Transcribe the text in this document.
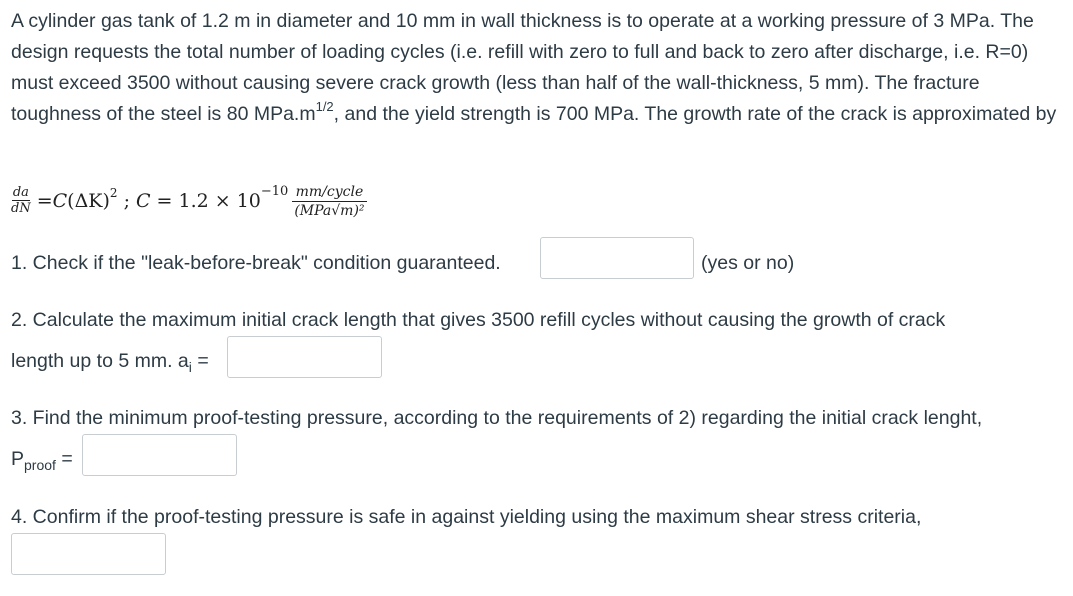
A cylinder gas tank of 1.2 m in diameter and 10 mm in wall thickness is to operate at a working pressure of 3 MPa. The design requests the total number of loading cycles (i.e. refill with zero to full and back to zero after discharge, i.e. R=0) must exceed 3500 without causing severe crack growth (less than half of the wall-thickness, 5 mm). The fracture toughness of the steel is 80 $MPa.m^{1/2}$, and the yield strength is 700 MPa. The growth rate of the crack is approximated by
$\frac{da}{dN} = C$ $(\Delta K)^2$ ; $C = 1.2 \times 10^{-10} \frac{\text{mm/cycle}}{\text{(MPa√m)²}}$
1. Check if the "leak-before-break" condition guaranteed.	(yes or no)
2. Calculate the maximum initial crack length that gives 3500 refill cycles without causing the growth of crack
length up to 5 mm. $a_i$ =
3. Find the minimum proof-testing pressure, according to the requirements of 2) regarding the initial crack lenght,
$P_{proof}$ =
4. Confirm if the proof-testing pressure is safe in against yielding using the maximum shear stress criteria,
